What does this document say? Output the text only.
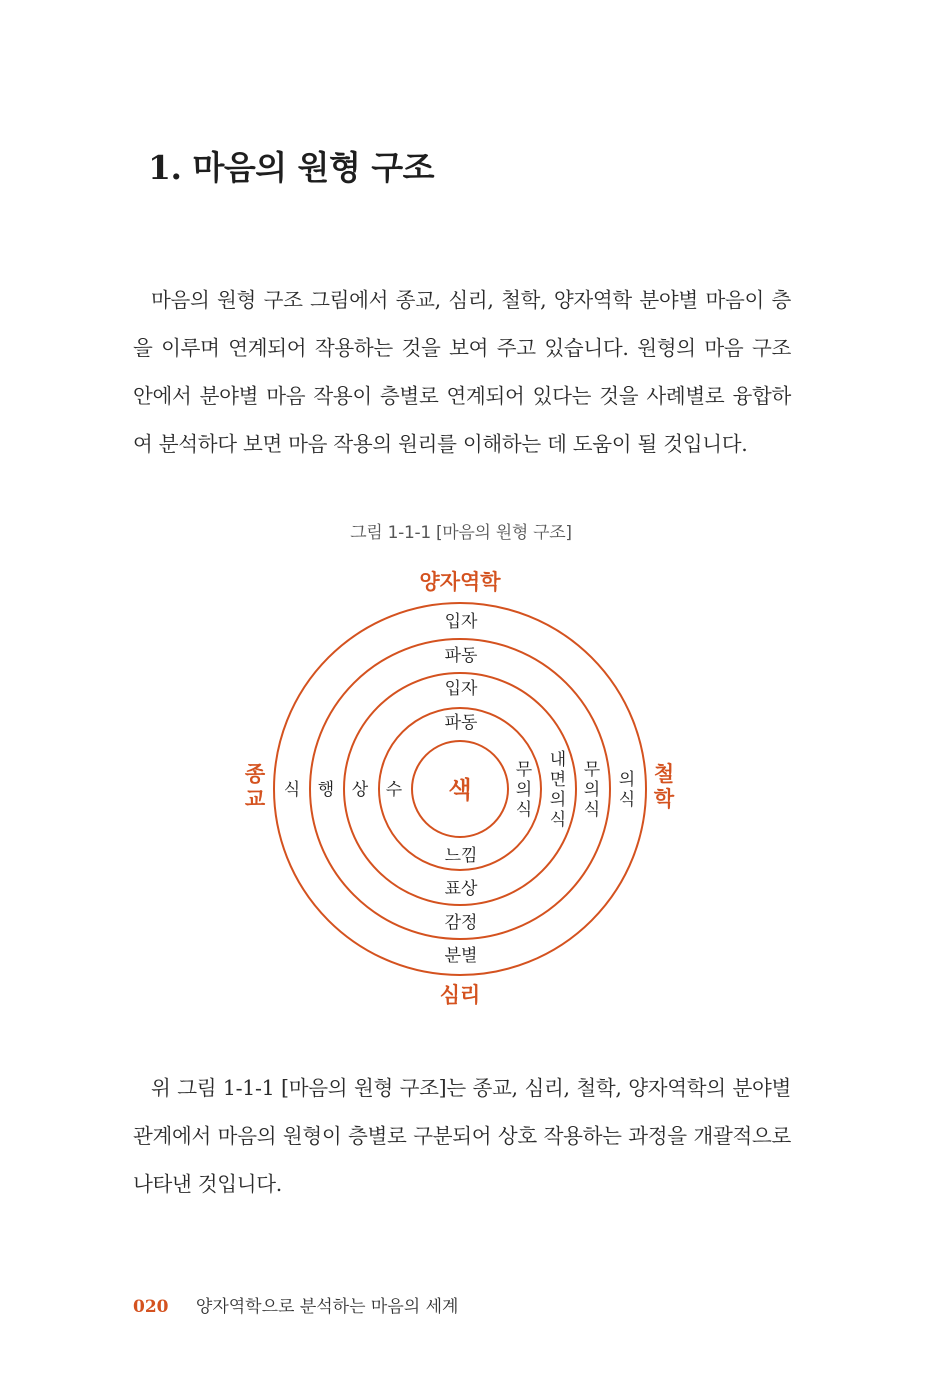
1. 마음의 원형 구조

마음의 원형 구조 그림에서 종교, 심리, 철학, 양자역학 분야별 마음이 층을 이루며 연계되어 작용하는 것을 보여 주고 있습니다. 원형의 마음 구조 안에서 분야별 마음 작용이 층별로 연계되어 있다는 것을 사례별로 융합하여 분석하다 보면 마음 작용의 원리를 이해하는 데 도움이 될 것입니다.

그림 1-1-1 [마음의 원형 구조]
색
양자역학
심리
종
교
철
학
입자
파동
입자
파동
느낌
표상
감정
분별
식 행 상 수
무
의
식
내
면
의
식
무
의
식
의
식

위 그림 1-1-1 [마음의 원형 구조]는 종교, 심리, 철학, 양자역학의 분야별 관계에서 마음의 원형이 층별로 구분되어 상호 작용하는 과정을 개괄적으로 나타낸 것입니다.

020 양자역학으로 분석하는 마음의 세계
